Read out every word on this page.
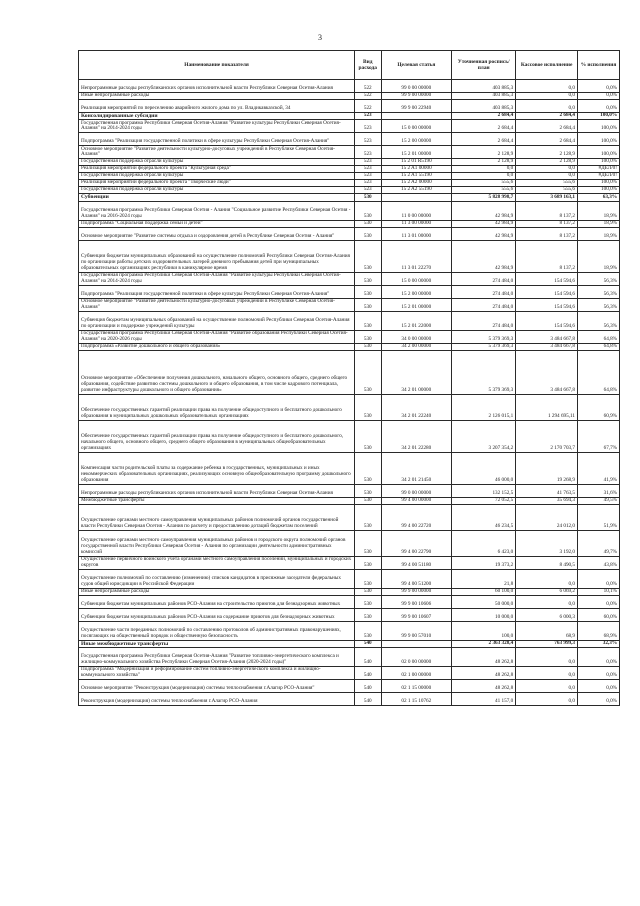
3
Наименование показателя	Вид расхода	Целевая статья	Уточненная роспись/план	Кассовое исполнение	% исполнения
Непрограммные расходы республиканских органов исполнительной власти Республики Северная Осетия-Алания	522	99 0 00 00000	403 885,3	0,0	0,0%
Иные непрограммные расходы	522	99 9 00 00000	403 885,3	0,0	0,0%
Реализация мероприятий по переселению аварийного жилого дома по ул. Владикавказской, 34	522	99 9 00 22940	403 885,3	0,0	0,0%
Консолидированные субсидии	523		2 684,4	2 684,4	100,0%
Государственная программа Республики Северная Осетия-Алания "Развитие культуры Республики Северная Осетия-Алания" на 2014-2024 годы	523	15 0 00 00000	2 684,4	2 684,4	100,0%
Подпрограмма "Реализация государственной политики в сфере культуры Республики Северная Осетия-Алания"	523	15 2 00 00000	2 684,4	2 684,4	100,0%
Основное мероприятие "Развитие деятельности культурно-досуговых учреждений в Республике Северная Осетия-Алания"	523	15 2 01 00000	2 128,9	2 128,9	100,0%
Государственная поддержка отрасли культуры	523	15 2 01 R5190	2 128,9	2 128,9	100,0%
Реализация мероприятий федерального проекта "Культурная среда"	523	15 2 A1 00000	0,0	0,0	#ДЕЛ/0!
Государственная поддержка отрасли культуры	523	15 2 A1 55190	0,0	0,0	#ДЕЛ/0!
Реализация мероприятий федерального проекта "Творческие люди"	523	15 2 A2 00000	555,6	555,6	100,0%
Государственная поддержка отрасли культуры	523	15 2 A2 55190	555,6	555,6	100,0%
Субвенции	530		5 828 998,7	3 689 163,1	63,3%
Государственная программа Республики Северная Осетия - Алания "Социальное развитие Республики Северная Осетия - Алания" на 2016-2024 годы	530	11 0 00 00000	42 984,9	8 137,2	18,9%
Подпрограмма "Социальная поддержка семьи и детей"	530	11 3 00 00000	42 984,9	8 137,2	18,9%
Основное мероприятие "Развитие системы отдыха и оздоровления детей в Республике Северная Осетия - Алания"	530	11 3 01 00000	42 984,9	8 137,2	18,9%
Субвенции бюджетам муниципальных образований на осуществление полномочий Республики Северная Осетия-Алания по организации работы детских оздоровительных лагерей дневного пребывания детей при муниципальных образовательных организациях республики в каникулярное время	530	11 3 01 22270	42 984,9	8 137,2	18,9%
Государственная программа Республики Северная Осетия-Алания "Развитие культуры Республики Северная Осетия-Алания" на 2014-2024 годы	530	15 0 00 00000	274 484,0	154 594,6	56,3%
Подпрограмма "Реализация государственной политики в сфере культуры Республики Северная Осетия-Алания"	530	15 2 00 00000	274 484,0	154 594,6	56,3%
Основное мероприятие "Развитие деятельности культурно-досуговых учреждений в Республике Северная Осетия-Алания"	530	15 2 01 00000	274 484,0	154 594,6	56,3%
Субвенция бюджетам муниципальных образований на осуществление полномочий Республики Северная Осетия-Алания по организации и поддержке учреждений культуры	530	15 2 01 22000	274 484,0	154 594,6	56,3%
Государственная программа Республики Северная Осетия-Алания "Развитие образования Республики Северная Осетия-Алания" на 2020-2026 годы	530	34 0 00 00000	5 379 369,3	3 484 667,8	64,8%
Подпрограмма «Развитие дошкольного и общего образования»	530	34 2 00 00000	5 379 369,3	3 484 667,8	64,8%
Основное мероприятие «Обеспечение получения дошкольного, начального общего, основного общего, среднего общего образования, содействие развитию системы дошкольного и общего образования, в том числе кадрового потенциала, развитие инфраструктуры дошкольного и общего образования»	530	34 2 01 00000	5 379 369,3	3 484 667,8	64,8%
Обеспечение государственных гарантий реализации права на получение общедоступного и бесплатного дошкольного образования в муниципальных дошкольных образовательных организациях	530	34 2 01 22240	2 126 015,1	1 294 695,11	60,9%
Обеспечение государственных гарантий реализации права на получение общедоступного и бесплатного дошкольного, начального общего, основного общего, среднего общего образования в муниципальных общеобразовательных организациях	530	34 2 01 22280	3 207 354,2	2 170 703,7	67,7%
Компенсация части родительской платы за содержание ребенка в государственных, муниципальных и иных некоммерческих образовательных организациях, реализующих основную общеобразовательную программу дошкольного образования	530	34 2 01 21450	46 000,0	19 268,9	41,9%
Непрограммные расходы республиканских органов исполнительной власти Республики Северная Осетия-Алания	530	99 0 00 00000	132 152,5	41 763,5	31,6%
Межбюджетные трансферты	530	99 4 00 00000	72 052,5	35 694,3	49,5%
Осуществление органами местного самоуправления муниципальных районов полномочий органов государственной власти Республики Северная Осетия - Алания по расчету и предоставлению дотаций бюджетам поселений	530	99 4 00 22720	46 234,5	24 012,0	51,9%
Осуществление органами местного самоуправления муниципальных районов и городского округа полномочий органов государственной власти Республики Северная Осетия - Алания по организации деятельности административных комиссий	530	99 4 00 22790	6 423,0	3 192,0	49,7%
Осуществление первичного воинского учета органами местного самоуправления поселений, муниципальных и городских округов	530	99 4 00 51180	19 373,2	8 490,5	43,8%
Осуществление полномочий по составлению (изменению) списков кандидатов в присяжные заседатели федеральных судов общей юрисдикции в Российской Федерации	530	99 4 00 51200	21,8	0,0	0,0%
Иные непрограммные расходы	530	99 9 00 00000	60 100,0	6 069,2	10,1%
Субвенции бюджетам муниципальных районов РСО-Алания на строительство приютов для безнадзорных животных	530	99 9 00 10606	50 000,0	0,0	0,0%
Субвенции бюджетам муниципальных районов РСО-Алания на содержание приютов для безнадзорных животных	530	99 9 00 10607	10 000,0	6 000,3	60,0%
Осуществление части переданных полномочий по составлению протоколов об административных правонарушениях, посягающих на общественный порядок и общественную безопасность	530	99 9 00 57010	100,0	68,9	68,9%
Иные межбюджетные трансферты	540		2 363 328,4	763 999,3	32,3%
Государственная программа Республики Северная Осетия-Алания "Развитие топливно-энергетического комплекса и жилищно-коммунального хозяйства Республики Северная Осетия-Алания (2020-2024 годы)"	540	02 0 00 00000	48 262,8	0,0	0,0%
Подпрограмма "Модернизация и реформирование систем топливно-энергетического комплекса и жилищно-коммунального хозяйства"	540	02 1 00 00000	48 262,8	0,0	0,0%
Основное мероприятие "Реконструкция (модернизация) системы теплоснабжения г.Алагир РСО-Алания"	540	02 1 15 00000	48 262,8	0,0	0,0%
Реконструкция (модернизация) системы теплоснабжения г.Алагир РСО-Алания	540	02 1 15 10762	41 157,0	0,0	0,0%
